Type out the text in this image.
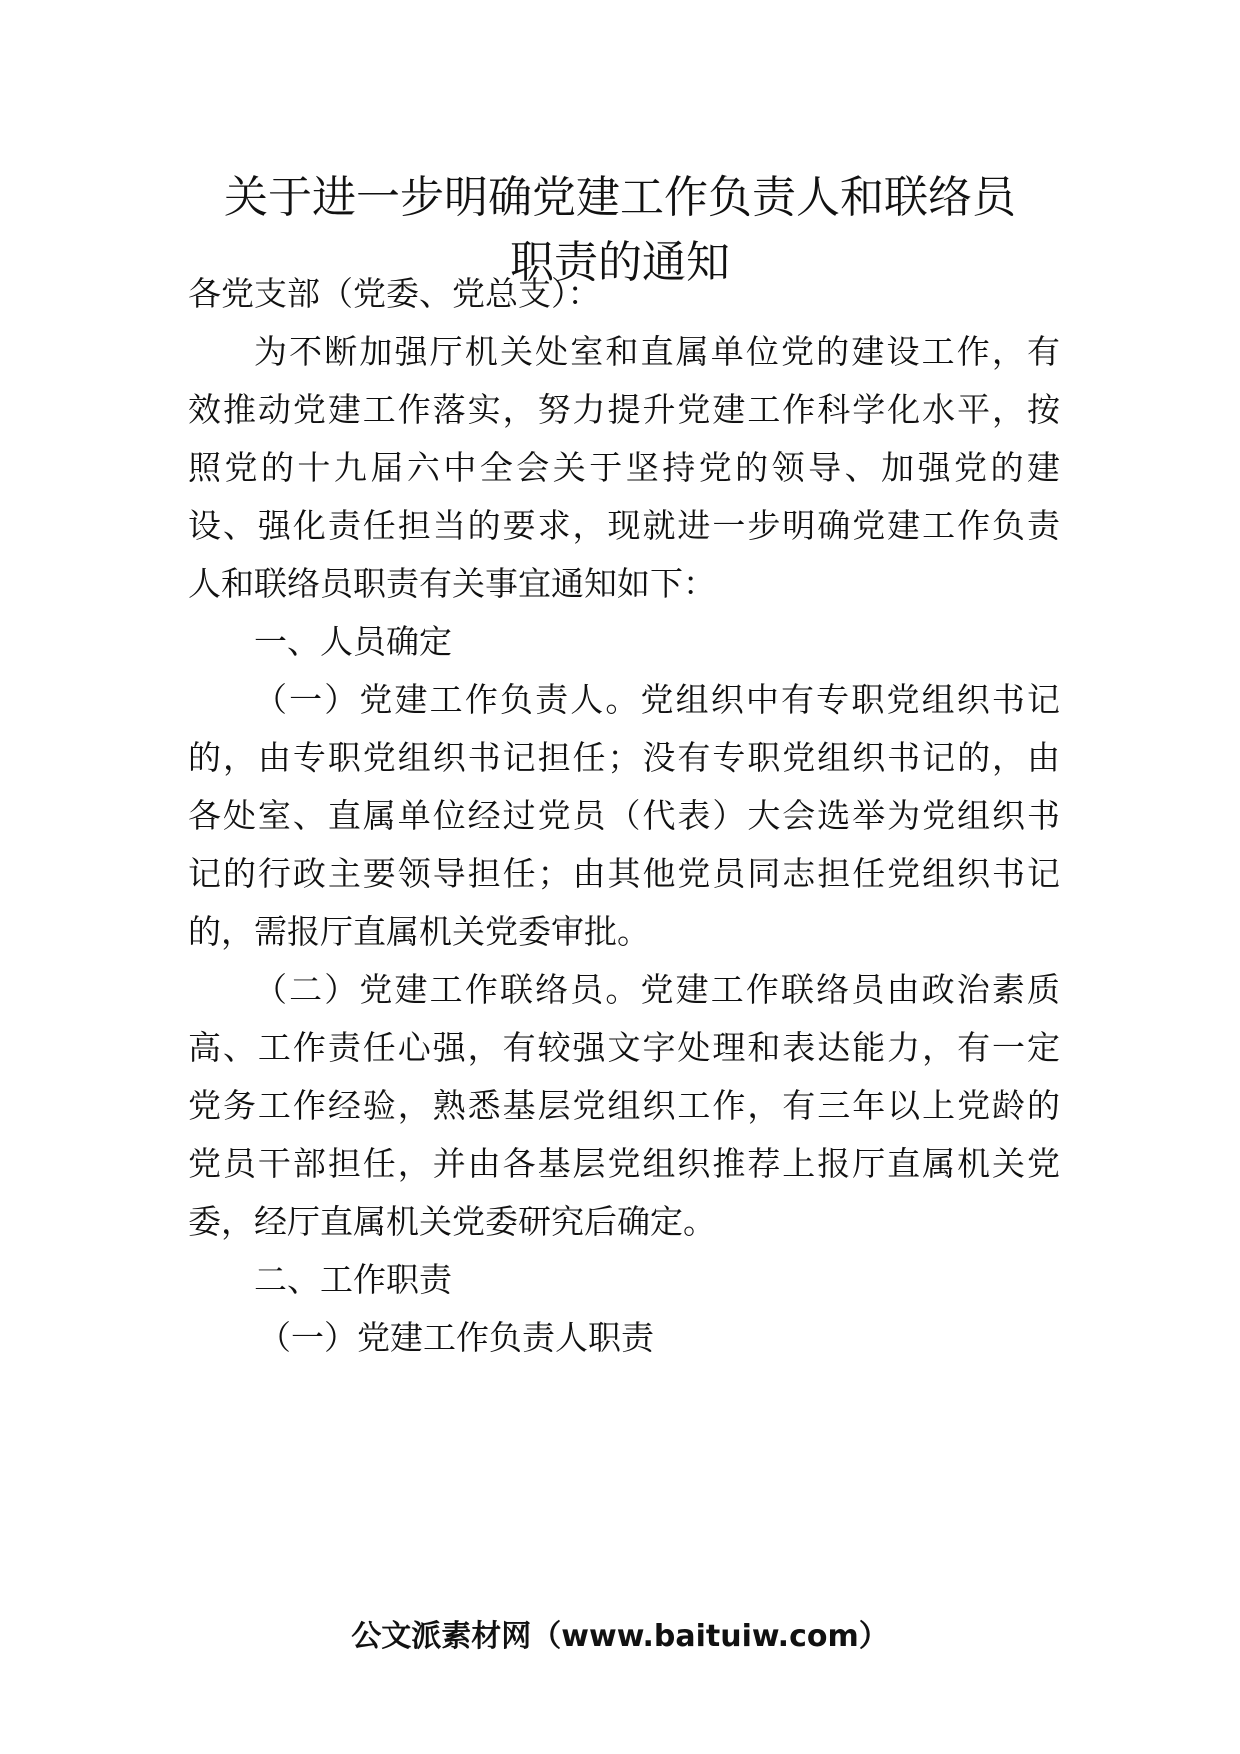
关于进一步明确党建工作负责人和联络员
职责的通知

各党支部（党委、党总支）：

为不断加强厅机关处室和直属单位党的建设工作，有

效推动党建工作落实，努力提升党建工作科学化水平，按

照党的十九届六中全会关于坚持党的领导、加强党的建

设、强化责任担当的要求，现就进一步明确党建工作负责

人和联络员职责有关事宜通知如下：

一、人员确定

（一）党建工作负责人。党组织中有专职党组织书记

的，由专职党组织书记担任；没有专职党组织书记的，由

各处室、直属单位经过党员（代表）大会选举为党组织书

记的行政主要领导担任；由其他党员同志担任党组织书记

的，需报厅直属机关党委审批。

（二）党建工作联络员。党建工作联络员由政治素质

高、工作责任心强，有较强文字处理和表达能力，有一定

党务工作经验，熟悉基层党组织工作，有三年以上党龄的

党员干部担任，并由各基层党组织推荐上报厅直属机关党

委，经厅直属机关党委研究后确定。

二、工作职责

（一）党建工作负责人职责

公文派素材网（www.baituiw.com）
